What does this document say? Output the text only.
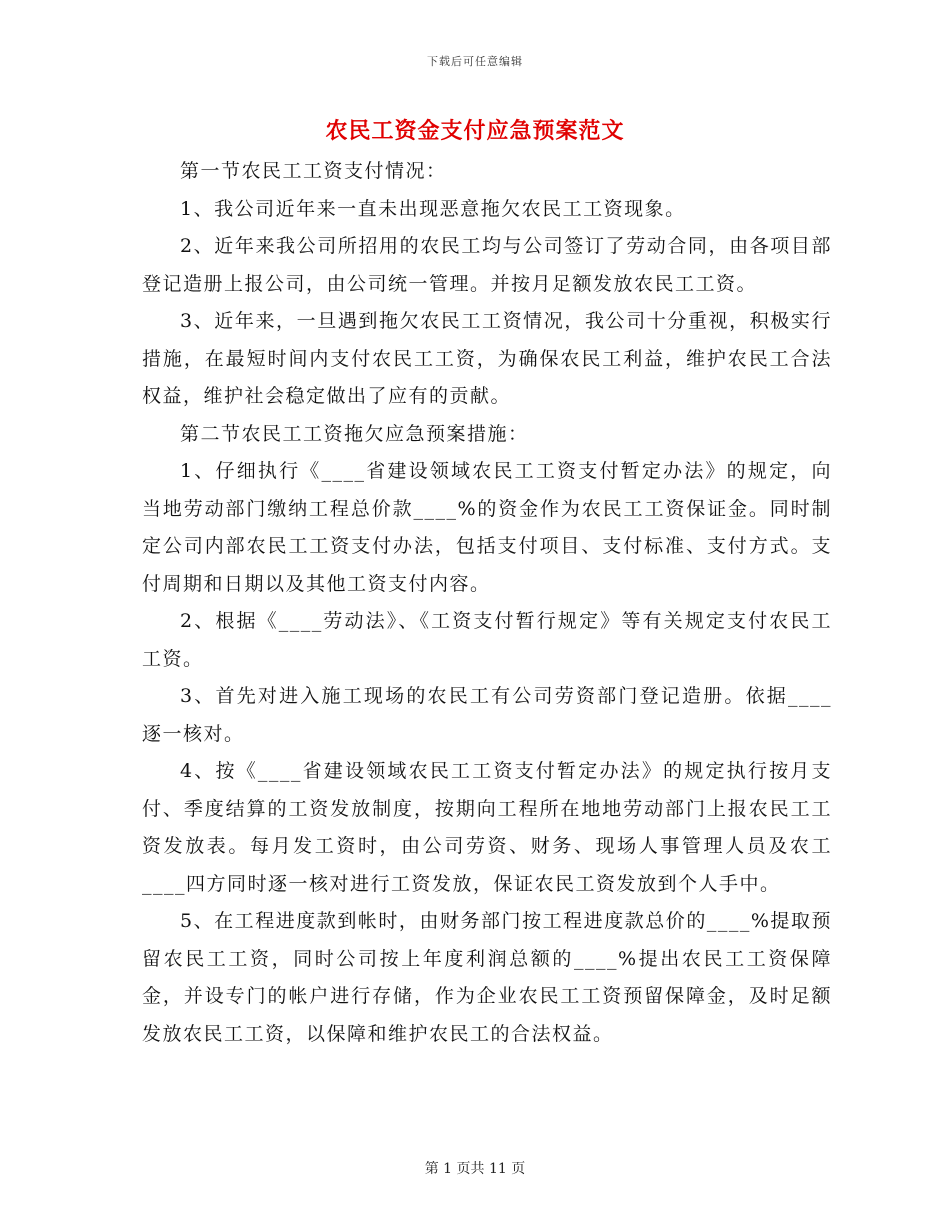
下载后可任意编辑
农民工资金支付应急预案范文

第一节农民工工资支付情况：

1、我公司近年来一直未出现恶意拖欠农民工工资现象。

2、近年来我公司所招用的农民工均与公司签订了劳动合同，由各项目部登记造册上报公司，由公司统一管理。并按月足额发放农民工工资。

3、近年来，一旦遇到拖欠农民工工资情况，我公司十分重视，积极实行措施，在最短时间内支付农民工工资，为确保农民工利益，维护农民工合法权益，维护社会稳定做出了应有的贡献。

第二节农民工工资拖欠应急预案措施：

1、仔细执行《____省建设领域农民工工资支付暂定办法》的规定，向当地劳动部门缴纳工程总价款____%的资金作为农民工工资保证金。同时制定公司内部农民工工资支付办法，包括支付项目、支付标准、支付方式。支付周期和日期以及其他工资支付内容。

2、根据《____劳动法》、《工资支付暂行规定》等有关规定支付农民工工资。

3、首先对进入施工现场的农民工有公司劳资部门登记造册。依据____逐一核对。

4、按《____省建设领域农民工工资支付暂定办法》的规定执行按月支付、季度结算的工资发放制度，按期向工程所在地地劳动部门上报农民工工资发放表。每月发工资时，由公司劳资、财务、现场人事管理人员及农工____四方同时逐一核对进行工资发放，保证农民工资发放到个人手中。

5、在工程进度款到帐时，由财务部门按工程进度款总价的____%提取预留农民工工资，同时公司按上年度利润总额的____%提出农民工工资保障金，并设专门的帐户进行存储，作为企业农民工工资预留保障金，及时足额发放农民工工资，以保障和维护农民工的合法权益。

第 1 页共 11 页
